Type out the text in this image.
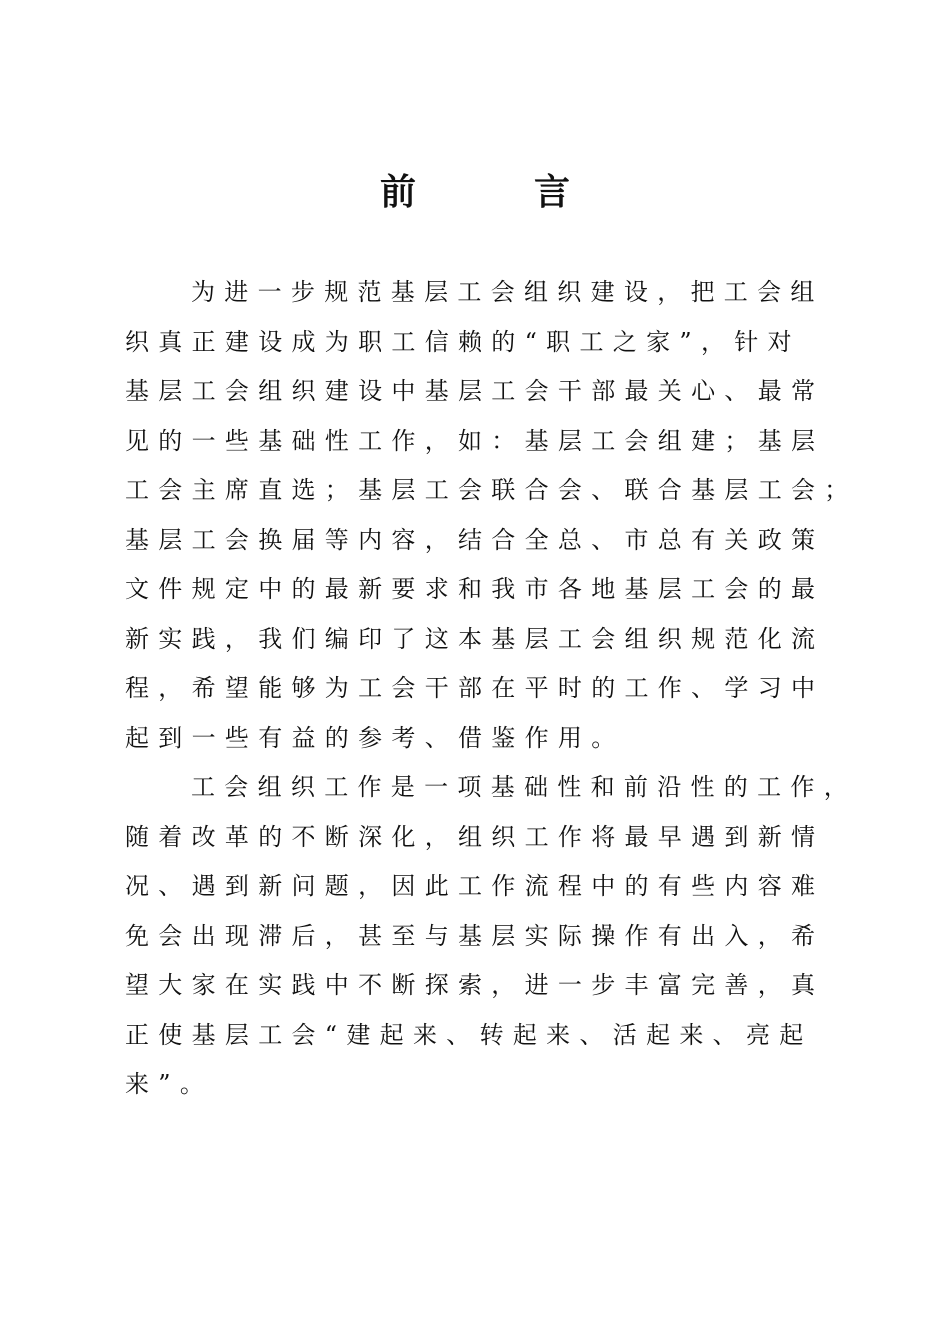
前	言

为进一步规范基层工会组织建设，把工会组
织真正建设成为职工信赖的“职工之家”，针对
基层工会组织建设中基层工会干部最关心、最常
见的一些基础性工作，如：基层工会组建；基层
工会主席直选；基层工会联合会、联合基层工会；
基层工会换届等内容，结合全总、市总有关政策
文件规定中的最新要求和我市各地基层工会的最
新实践，我们编印了这本基层工会组织规范化流
程，希望能够为工会干部在平时的工作、学习中
起到一些有益的参考、借鉴作用。

工会组织工作是一项基础性和前沿性的工作，
随着改革的不断深化，组织工作将最早遇到新情
况、遇到新问题，因此工作流程中的有些内容难
免会出现滞后，甚至与基层实际操作有出入，希
望大家在实践中不断探索，进一步丰富完善，真
正使基层工会“建起来、转起来、活起来、亮起
来”。
